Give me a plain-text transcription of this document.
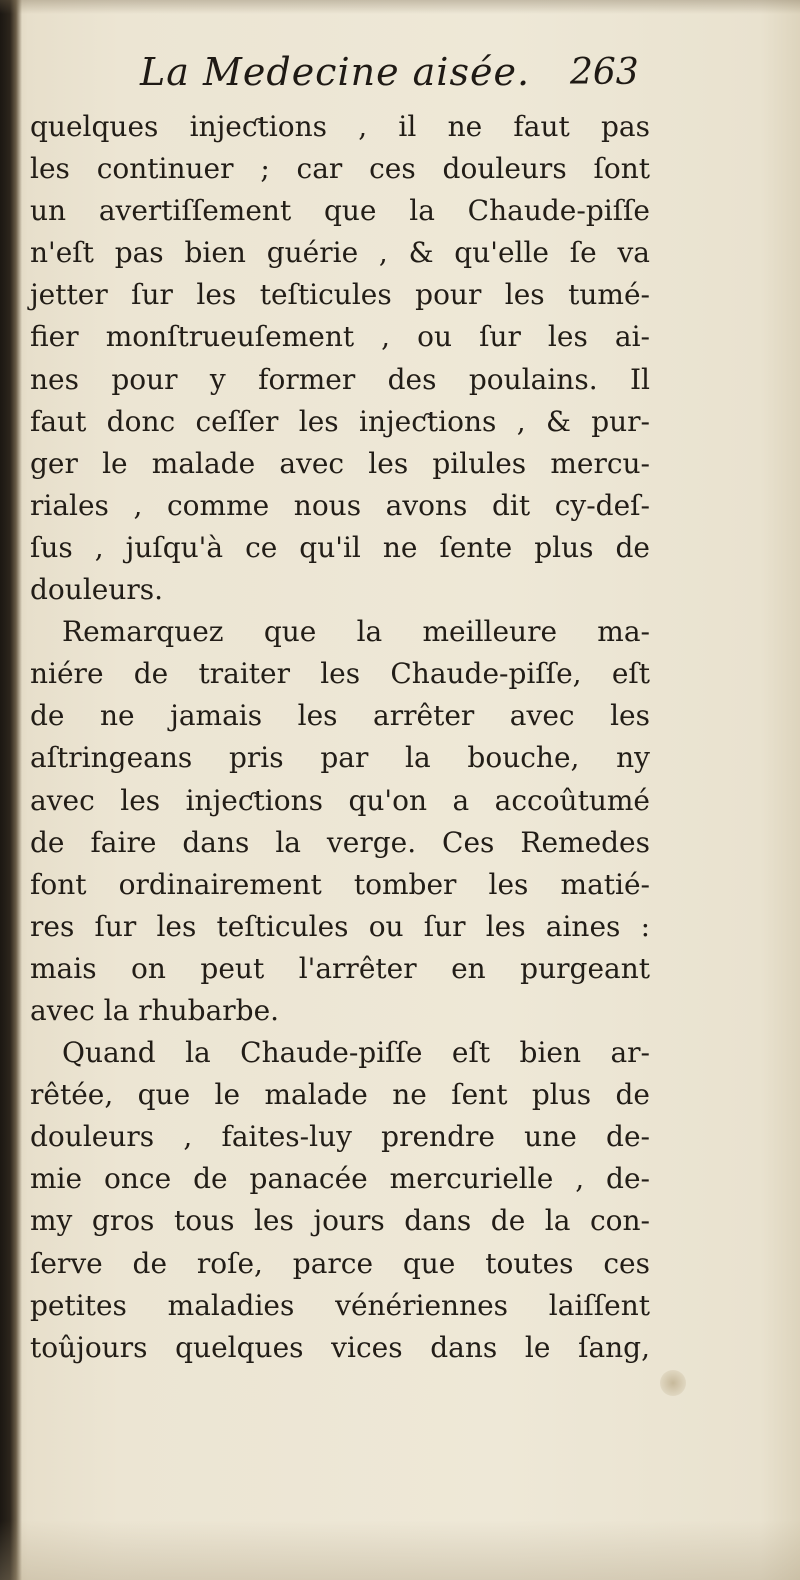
La Medecine aisée. 263
quelques injeƈtions , il ne faut pas
les continuer ; car ces douleurs ſont
un avertiſſement que la Chaude-piſſe
n'eſt pas bien guérie , & qu'elle ſe va
jetter ſur les teſticules pour les tumé-
fier monſtrueuſement , ou ſur les ai-
nes pour y former des poulains. Il
faut donc ceſſer les injeƈtions , & pur-
ger le malade avec les pilules mercu-
riales , comme nous avons dit cy-deſ-
ſus , juſqu'à ce qu'il ne ſente plus de
douleurs.
Remarquez que la meilleure ma-
niére de traiter les Chaude-piſſe, eſt
de ne jamais les arrêter avec les
aſtringeans pris par la bouche, ny
avec les injeƈtions qu'on a accoûtumé
de faire dans la verge. Ces Remedes
font ordinairement tomber les matié-
res ſur les teſticules ou ſur les aines :
mais on peut l'arrêter en purgeant
avec la rhubarbe.
Quand la Chaude-piſſe eſt bien ar-
rêtée, que le malade ne ſent plus de
douleurs , faites-luy prendre une de-
mie once de panacée mercurielle , de-
my gros tous les jours dans de la con-
ſerve de roſe, parce que toutes ces
petites maladies vénériennes laiſſent
toûjours quelques vices dans le ſang,
